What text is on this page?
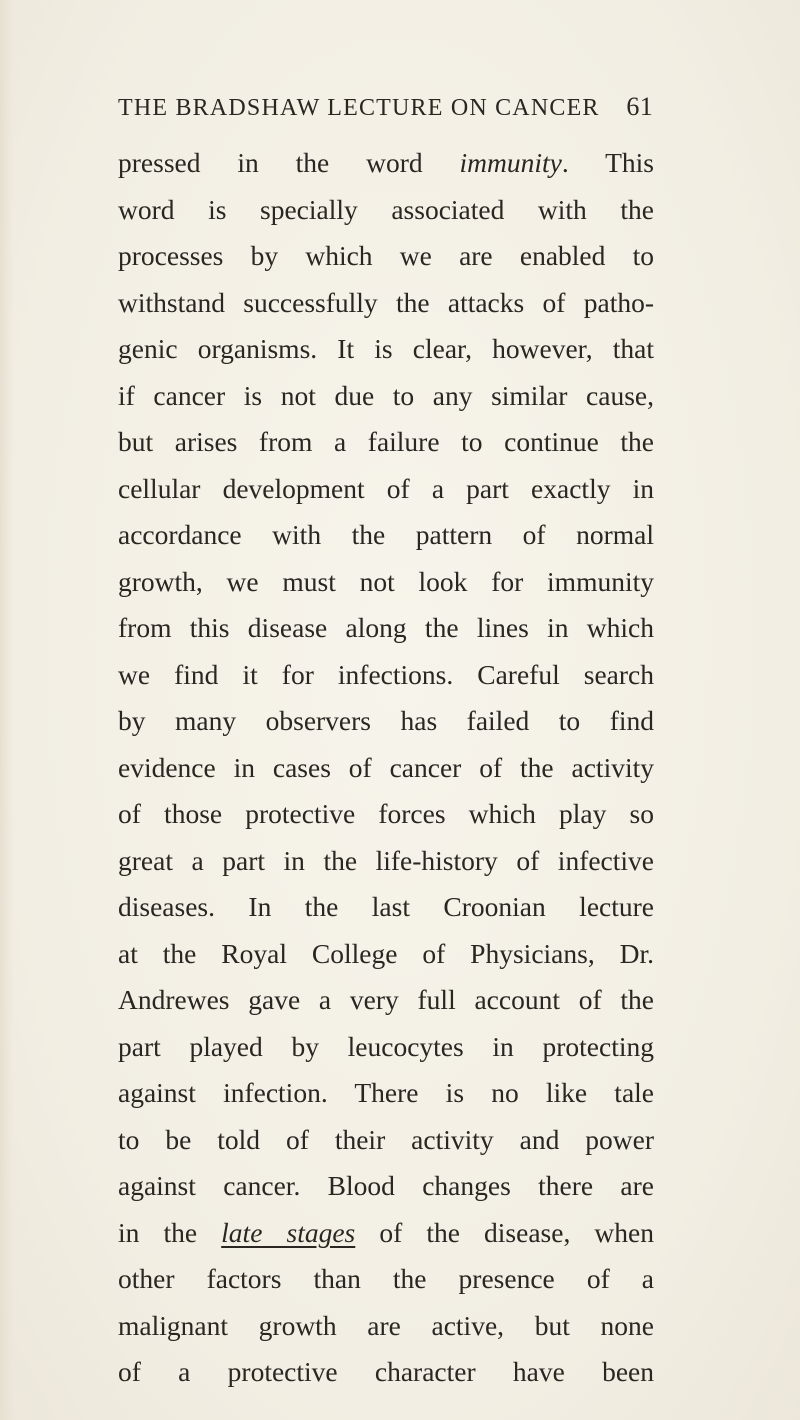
THE BRADSHAW LECTURE ON CANCER 61
pressed in the word immunity. This
word is specially associated with the
processes by which we are enabled to
withstand successfully the attacks of patho-
genic organisms. It is clear, however, that
if cancer is not due to any similar cause,
but arises from a failure to continue the
cellular development of a part exactly in
accordance with the pattern of normal
growth, we must not look for immunity
from this disease along the lines in which
we find it for infections. Careful search
by many observers has failed to find
evidence in cases of cancer of the activity
of those protective forces which play so
great a part in the life-history of infective
diseases. In the last Croonian lecture
at the Royal College of Physicians, Dr.
Andrewes gave a very full account of the
part played by leucocytes in protecting
against infection. There is no like tale
to be told of their activity and power
against cancer. Blood changes there are
in the late stages of the disease, when
other factors than the presence of a
malignant growth are active, but none
of a protective character have been
